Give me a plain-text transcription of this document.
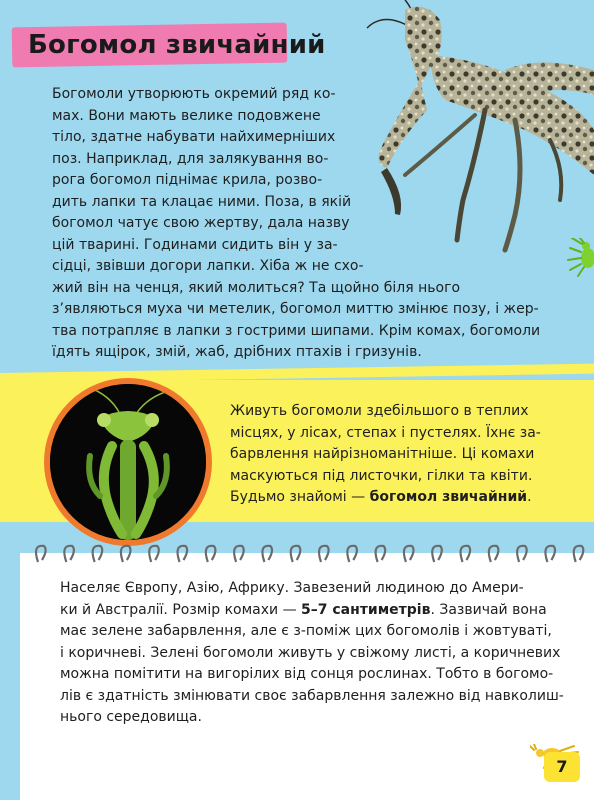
Богомол звичайний

Богомоли утворюють окремий ряд ко-
мах. Вони мають велике подовжене
тіло, здатне набувати найхимерніших
поз. Наприклад, для залякування во-
рога богомол піднімає крила, розво-
дить лапки та клацає ними. Поза, в якій
богомол чатує свою жертву, дала назву
цій тварині. Годинами сидить він у за-
сідці, звівши догори лапки. Хіба ж не схо-
жий він на ченця, який молиться? Та щойно біля нього
з’являються муха чи метелик, богомол миттю змінює позу, і жер-
тва потрапляє в лапки з гострими шипами. Крім комах, богомоли
їдять ящірок, змій, жаб, дрібних птахів і гризунів.

Живуть богомоли здебільшого в теплих
місцях, у лісах, степах і пустелях. Їхнє за-
барвлення найрізноманітніше. Ці комахи
маскуються під листочки, гілки та квіти.
Будьмо знайомі — богомол звичайний.

Населяє Європу, Азію, Африку. Завезений людиною до Амери-
ки й Австралії. Розмір комахи — 5–7 сантиметрів. Зазвичай вона
має зелене забарвлення, але є з-поміж цих богомолів і жовтуваті,
і коричневі. Зелені богомоли живуть у свіжому листі, а коричневих
можна помітити на вигорілих від сонця рослинах. Тобто в богомо-
лів є здатність змінювати своє забарвлення залежно від навколиш-
нього середовища.

7
